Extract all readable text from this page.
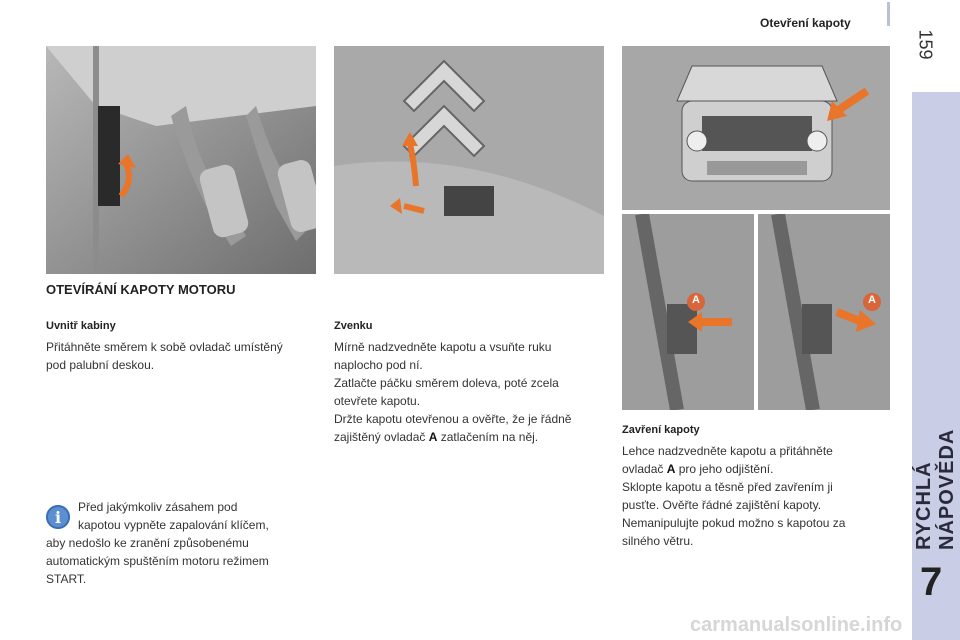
Otevření kapoty
159
RYCHLÁ NÁPOVĚDA
7
A	A
OTEVÍRÁNÍ KAPOTY MOTORU
Uvnitř kabiny
Přitáhněte směrem k sobě ovladač umístěný
pod palubní deskou.
i
Před jakýmkoliv zásahem pod
kapotou vypněte zapalování klíčem,
aby nedošlo ke zranění způsobenému
automatickým spuštěním motoru režimem
START.
Zvenku
Mírně nadzvedněte kapotu a vsuňte ruku
naplocho pod ní.
Zatlačte páčku směrem doleva, poté zcela
otevřete kapotu.
Držte kapotu otevřenou a ověřte, že je řádně
zajištěný ovladač A zatlačením na něj.	Zavření kapoty
Lehce nadzvedněte kapotu a přitáhněte
ovladač A pro jeho odjištění.
Sklopte kapotu a těsně před zavřením ji
pusťte. Ověřte řádné zajištění kapoty.
Nemanipulujte pokud možno s kapotou za
silného větru.
carmanualsonline.info
